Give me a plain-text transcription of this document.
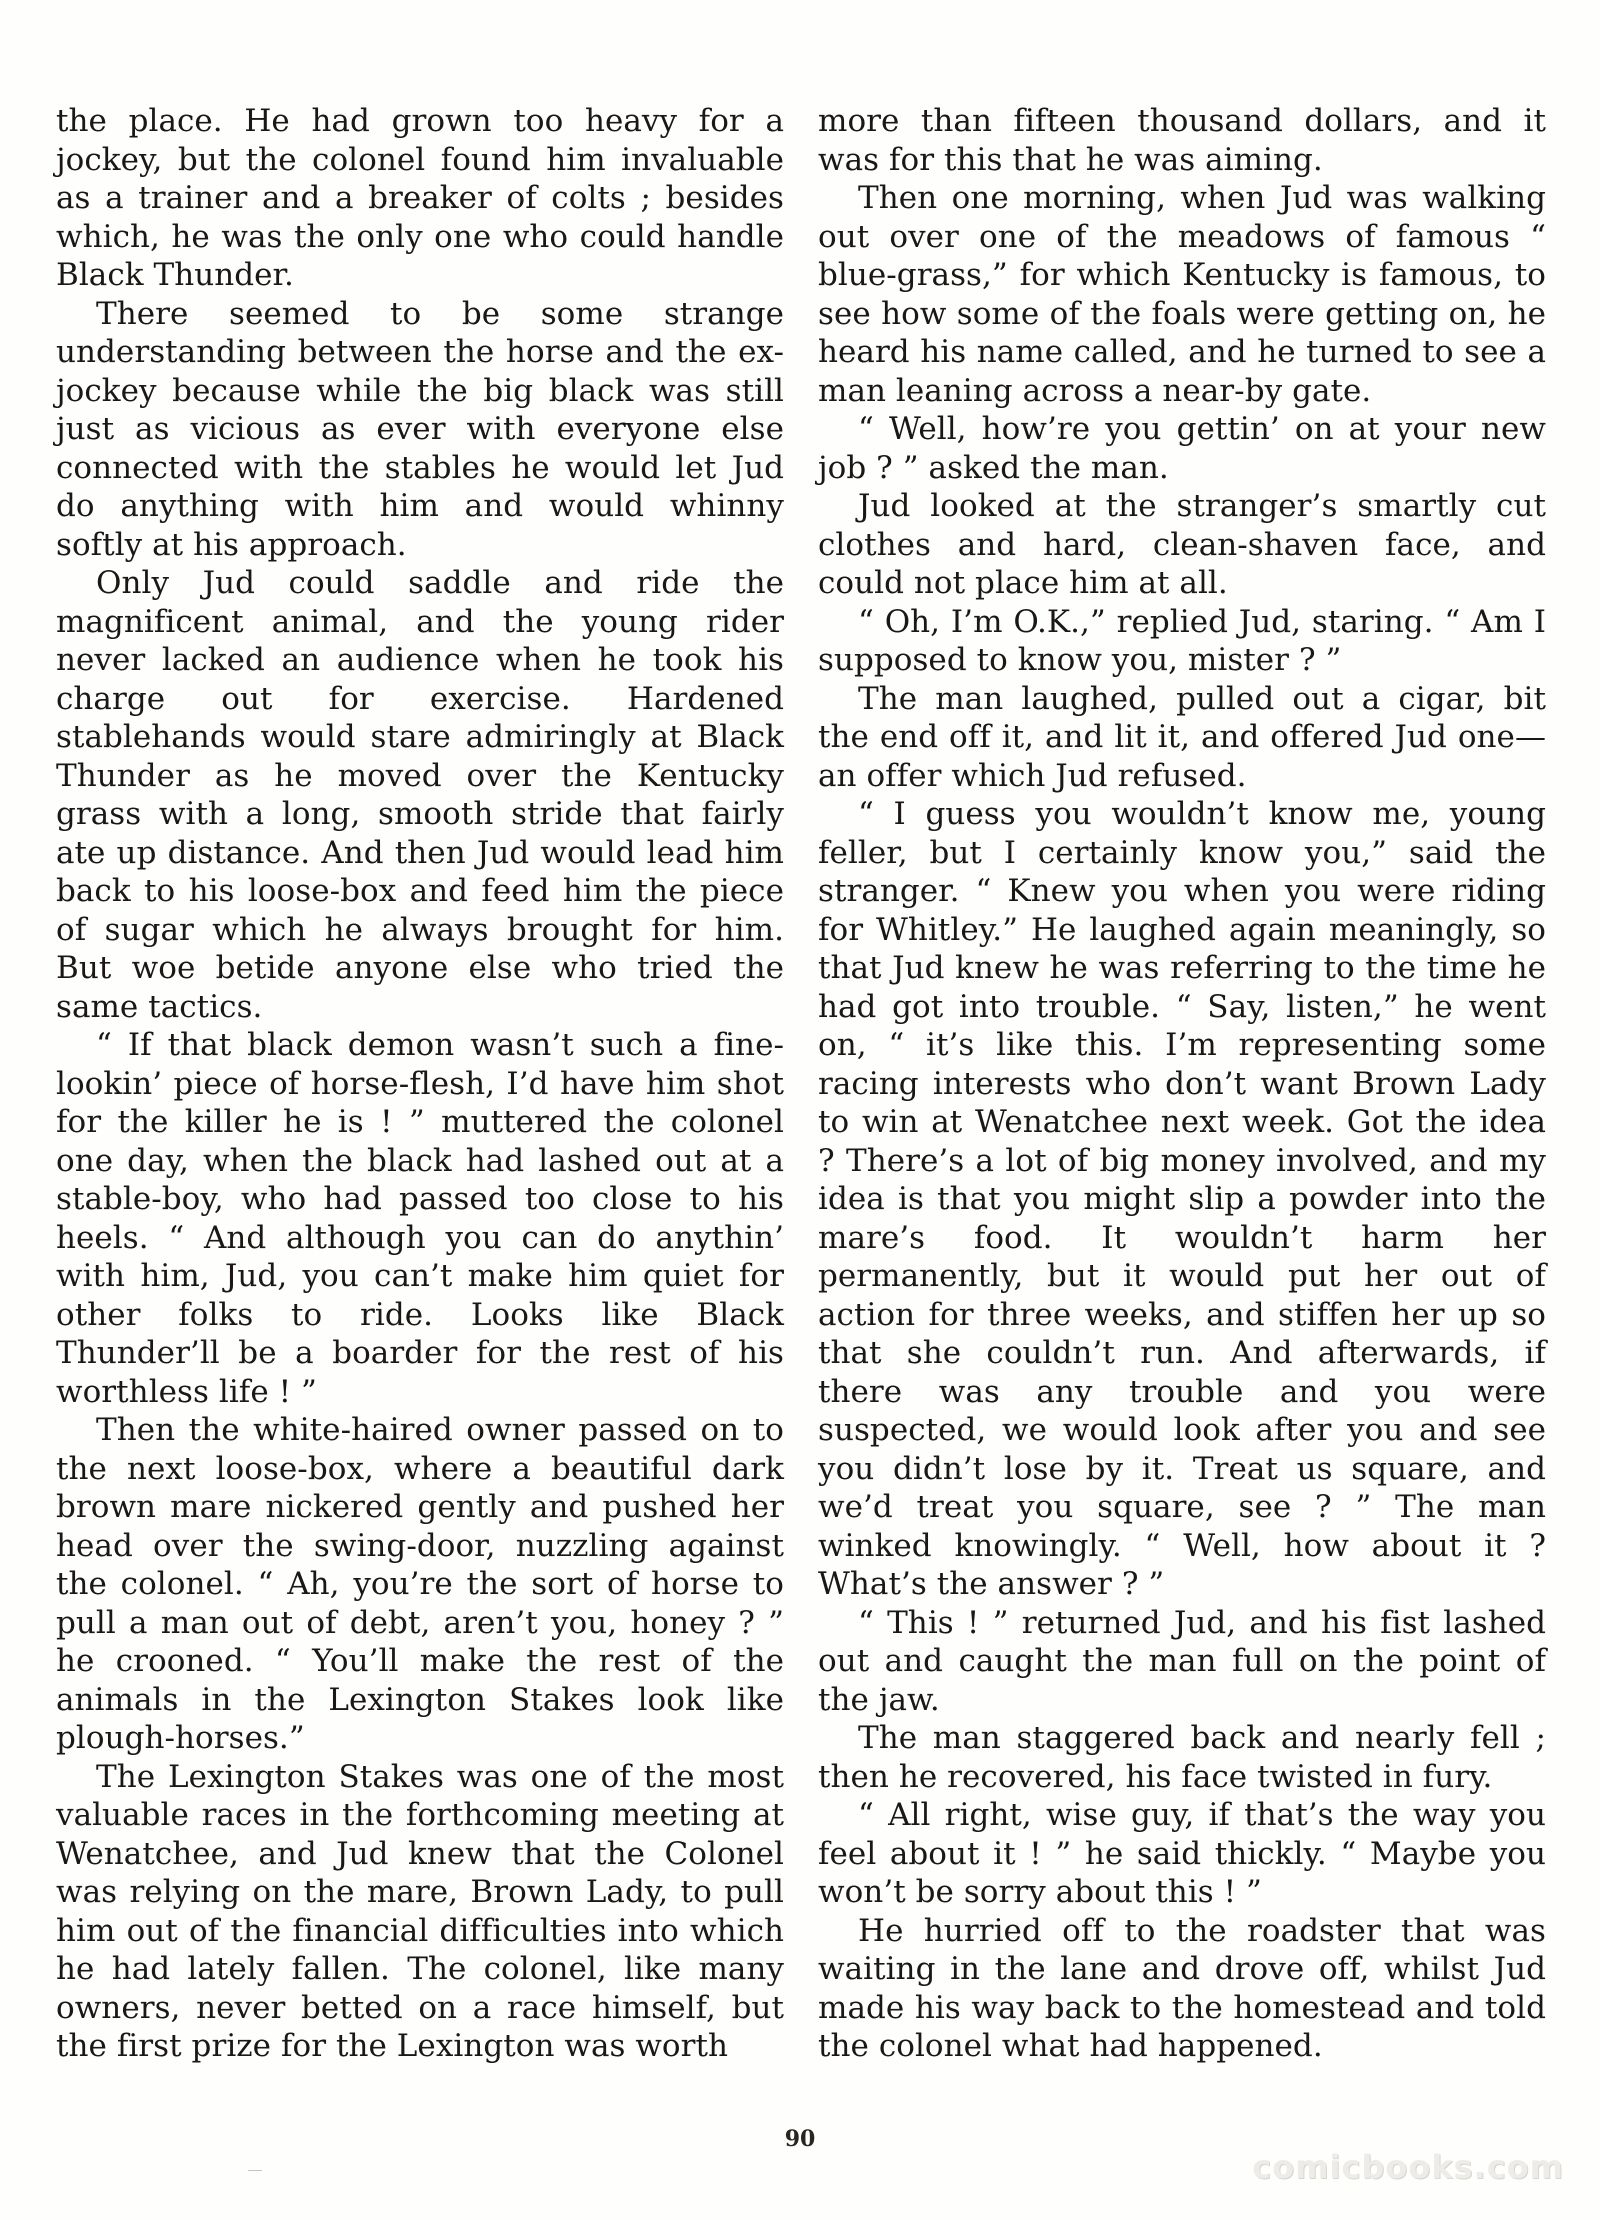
the place. He had grown too heavy for a jockey, but the colonel found him invaluable as a trainer and a breaker of colts ; besides which, he was the only one who could handle Black Thunder.

There seemed to be some strange understanding between the horse and the ex-jockey because while the big black was still just as vicious as ever with everyone else connected with the stables he would let Jud do anything with him and would whinny softly at his approach.

Only Jud could saddle and ride the magnificent animal, and the young rider never lacked an audience when he took his charge out for exercise. Hardened stablehands would stare admiringly at Black Thunder as he moved over the Kentucky grass with a long, smooth stride that fairly ate up distance. And then Jud would lead him back to his loose-box and feed him the piece of sugar which he always brought for him. But woe betide anyone else who tried the same tactics.

“ If that black demon wasn’t such a fine-lookin’ piece of horse-flesh, I’d have him shot for the killer he is ! ” muttered the colonel one day, when the black had lashed out at a stable-boy, who had passed too close to his heels. “ And although you can do anythin’ with him, Jud, you can’t make him quiet for other folks to ride. Looks like Black Thunder’ll be a boarder for the rest of his worthless life ! ”

Then the white-haired owner passed on to the next loose-box, where a beautiful dark brown mare nickered gently and pushed her head over the swing-door, nuzzling against the colonel. “ Ah, you’re the sort of horse to pull a man out of debt, aren’t you, honey ? ” he crooned. “ You’ll make the rest of the animals in the Lexington Stakes look like plough-horses.”

The Lexington Stakes was one of the most valuable races in the forthcoming meeting at Wenatchee, and Jud knew that the Colonel was relying on the mare, Brown Lady, to pull him out of the financial difficulties into which he had lately fallen. The colonel, like many owners, never betted on a race himself, but the first prize for the Lexington was worth

more than fifteen thousand dollars, and it was for this that he was aiming.

Then one morning, when Jud was walking out over one of the meadows of famous “ blue-grass,” for which Kentucky is famous, to see how some of the foals were getting on, he heard his name called, and he turned to see a man leaning across a near-by gate.

“ Well, how’re you gettin’ on at your new job ? ” asked the man.

Jud looked at the stranger’s smartly cut clothes and hard, clean-shaven face, and could not place him at all.

“ Oh, I’m O.K.,” replied Jud, staring. “ Am I supposed to know you, mister ? ”

The man laughed, pulled out a cigar, bit the end off it, and lit it, and offered Jud one—an offer which Jud refused.

“ I guess you wouldn’t know me, young feller, but I certainly know you,” said the stranger. “ Knew you when you were riding for Whitley.” He laughed again meaningly, so that Jud knew he was referring to the time he had got into trouble. “ Say, listen,” he went on, “ it’s like this. I’m representing some racing interests who don’t want Brown Lady to win at Wenatchee next week. Got the idea ? There’s a lot of big money involved, and my idea is that you might slip a powder into the mare’s food. It wouldn’t harm her permanently, but it would put her out of action for three weeks, and stiffen her up so that she couldn’t run. And afterwards, if there was any trouble and you were suspected, we would look after you and see you didn’t lose by it. Treat us square, and we’d treat you square, see ? ” The man winked knowingly. “ Well, how about it ? What’s the answer ? ”

“ This ! ” returned Jud, and his fist lashed out and caught the man full on the point of the jaw.

The man staggered back and nearly fell ; then he recovered, his face twisted in fury.

“ All right, wise guy, if that’s the way you feel about it ! ” he said thickly. “ Maybe you won’t be sorry about this ! ”

He hurried off to the roadster that was waiting in the lane and drove off, whilst Jud made his way back to the homestead and told the colonel what had happened.

90
comicbooks.com
